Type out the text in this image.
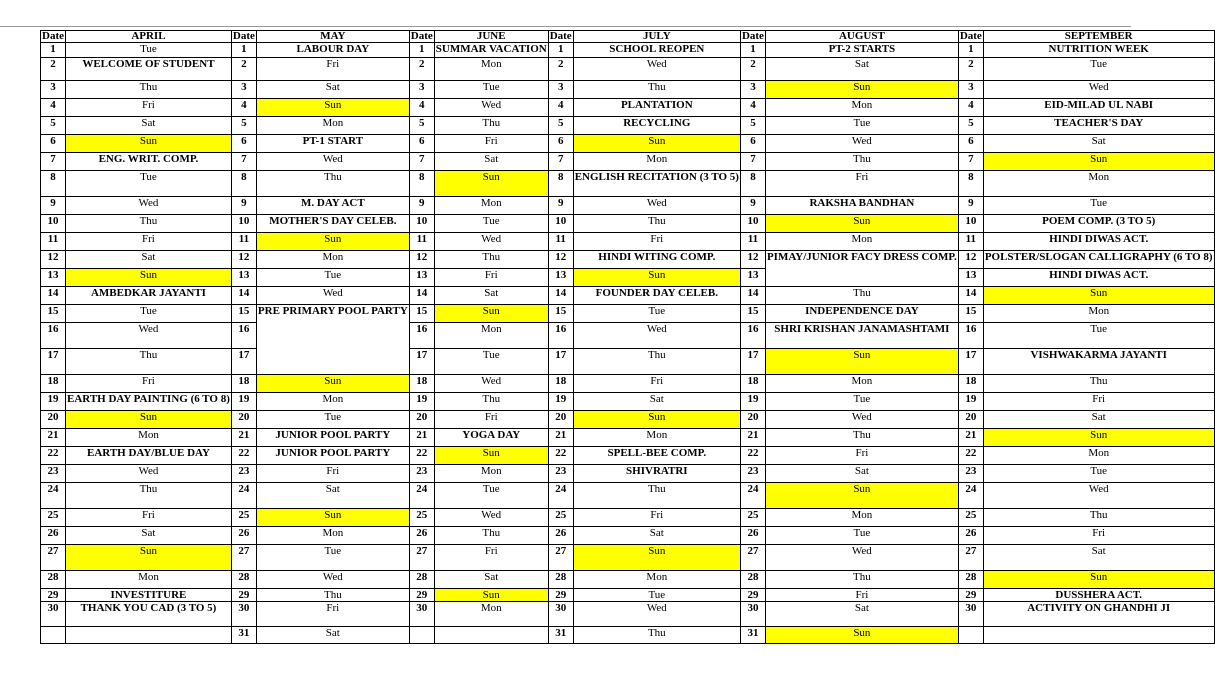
Date	APRIL	Date	MAY	Date	JUNE	Date	JULY	Date	AUGUST	Date	SEPTEMBER
1	Tue	1	LABOUR DAY	1	SUMMAR VACATION	1	SCHOOL REOPEN	1	PT-2 STARTS	1	NUTRITION WEEK
2	WELCOME OF STUDENT	2	Fri	2	Mon	2	Wed	2	Sat	2	Tue
3	Thu	3	Sat	3	Tue	3	Thu	3	Sun	3	Wed
4	Fri	4	Sun	4	Wed	4	PLANTATION	4	Mon	4	EID-MILAD UL NABI
5	Sat	5	Mon	5	Thu	5	RECYCLING	5	Tue	5	TEACHER'S DAY
6	Sun	6	PT-1 START	6	Fri	6	Sun	6	Wed	6	Sat
7	ENG. WRIT. COMP.	7	Wed	7	Sat	7	Mon	7	Thu	7	Sun
8	Tue	8	Thu	8	Sun	8	ENGLISH RECITATION (3 TO 5)	8	Fri	8	Mon
9	Wed	9	M. DAY ACT	9	Mon	9	Wed	9	RAKSHA BANDHAN	9	Tue
10	Thu	10	MOTHER'S DAY CELEB.	10	Tue	10	Thu	10	Sun	10	POEM COMP. (3 TO 5)
11	Fri	11	Sun	11	Wed	11	Fri	11	Mon	11	HINDI DIWAS ACT.
12	Sat	12	Mon	12	Thu	12	HINDI WITING COMP.	12	PIMAY/JUNIOR FACY DRESS COMP.	12	POLSTER/SLOGAN CALLIGRAPHY (6 TO 8)
13	Sun	13	Tue	13	Fri	13	Sun	13		13	HINDI DIWAS ACT.
14	AMBEDKAR JAYANTI	14	Wed	14	Sat	14	FOUNDER DAY CELEB.	14	Thu	14	Sun
15	Tue	15	PRE PRIMARY POOL PARTY	15	Sun	15	Tue	15	INDEPENDENCE DAY	15	Mon
16	Wed	16		16	Mon	16	Wed	16	SHRI KRISHAN JANAMASHTAMI	16	Tue
17	Thu	17		17	Tue	17	Thu	17	Sun	17	VISHWAKARMA JAYANTI
18	Fri	18	Sun	18	Wed	18	Fri	18	Mon	18	Thu
19	EARTH DAY PAINTING (6 TO 8)	19	Mon	19	Thu	19	Sat	19	Tue	19	Fri
20	Sun	20	Tue	20	Fri	20	Sun	20	Wed	20	Sat
21	Mon	21	JUNIOR POOL PARTY	21	YOGA DAY	21	Mon	21	Thu	21	Sun
22	EARTH DAY/BLUE DAY	22	JUNIOR POOL PARTY	22	Sun	22	SPELL-BEE COMP.	22	Fri	22	Mon
23	Wed	23	Fri	23	Mon	23	SHIVRATRI	23	Sat	23	Tue
24	Thu	24	Sat	24	Tue	24	Thu	24	Sun	24	Wed
25	Fri	25	Sun	25	Wed	25	Fri	25	Mon	25	Thu
26	Sat	26	Mon	26	Thu	26	Sat	26	Tue	26	Fri
27	Sun	27	Tue	27	Fri	27	Sun	27	Wed	27	Sat
28	Mon	28	Wed	28	Sat	28	Mon	28	Thu	28	Sun
29	INVESTITURE	29	Thu	29	Sun	29	Tue	29	Fri	29	DUSSHERA ACT.
30	THANK YOU CAD (3 TO 5)	30	Fri	30	Mon	30	Wed	30	Sat	30	ACTIVITY ON GHANDHI JI
		31	Sat			31	Thu	31	Sun		
